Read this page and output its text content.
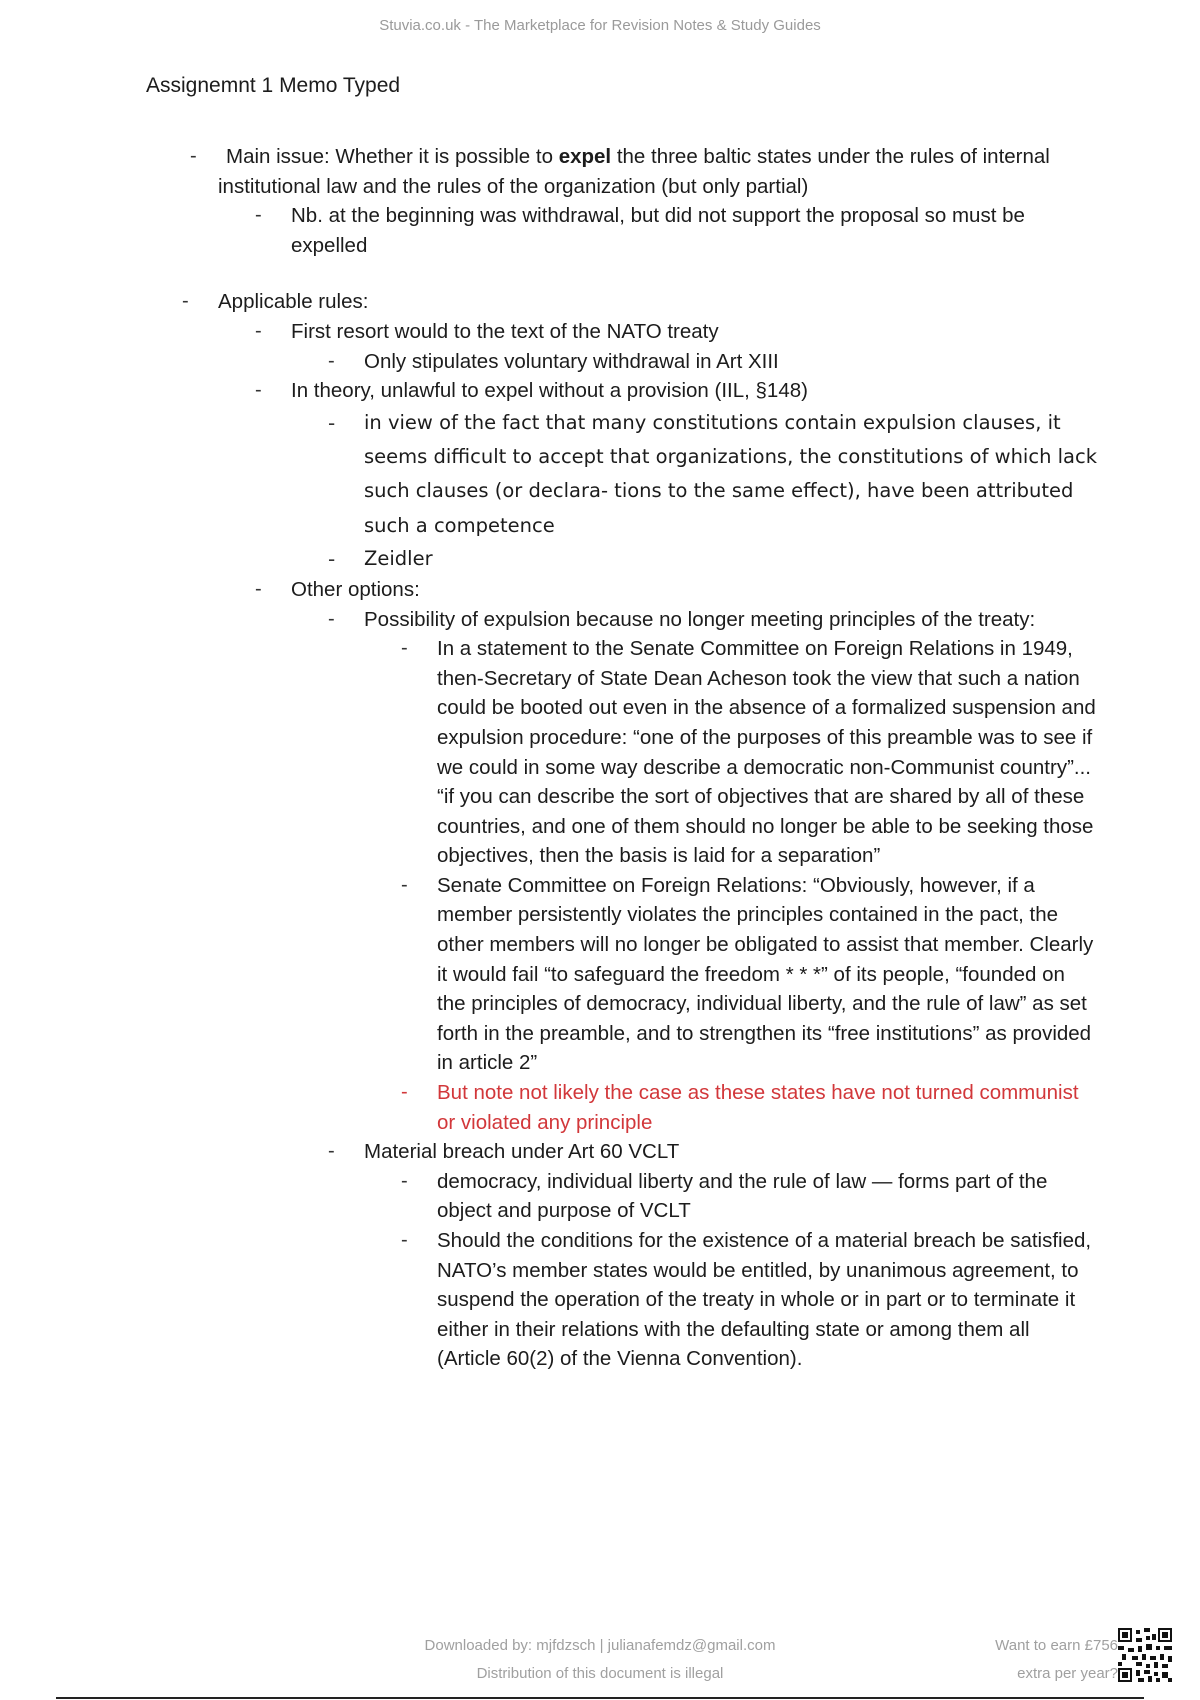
Stuvia.co.uk - The Marketplace for Revision Notes & Study Guides
Assignemnt 1 Memo Typed
- Main issue: Whether it is possible to expel the three baltic states under the rules of internal institutional law and the rules of the organization (but only partial)
- Nb. at the beginning was withdrawal, but did not support the proposal so must be expelled
- Applicable rules:
- First resort would to the text of the NATO treaty
- Only stipulates voluntary withdrawal in Art XIII
- In theory, unlawful to expel without a provision (IIL, §148)
- in view of the fact that many constitutions contain expulsion clauses, it seems difficult to accept that organizations, the constitutions of which lack such clauses (or declara- tions to the same effect), have been attributed such a competence
- Zeidler
- Other options:
- Possibility of expulsion because no longer meeting principles of the treaty:
- In a statement to the Senate Committee on Foreign Relations in 1949, then-Secretary of State Dean Acheson took the view that such a nation could be booted out even in the absence of a formalized suspension and expulsion procedure: “one of the purposes of this preamble was to see if we could in some way describe a democratic non-Communist country”... “if you can describe the sort of objectives that are shared by all of these countries, and one of them should no longer be able to be seeking those objectives, then the basis is laid for a separation”
- Senate Committee on Foreign Relations: “Obviously, however, if a member persistently violates the principles contained in the pact, the other members will no longer be obligated to assist that member. Clearly it would fail “to safeguard the freedom * * *” of its people, “founded on the principles of democracy, individual liberty, and the rule of law” as set forth in the preamble, and to strengthen its “free institutions” as provided in article 2”
- But note not likely the case as these states have not turned communist or violated any principle
- Material breach under Art 60 VCLT
- democracy, individual liberty and the rule of law — forms part of the object and purpose of VCLT
- Should the conditions for the existence of a material breach be satisfied, NATO’s member states would be entitled, by unanimous agreement, to suspend the operation of the treaty in whole or in part or to terminate it either in their relations with the defaulting state or among them all (Article 60(2) of the Vienna Convention).
Downloaded by: mjfdzsch | julianafemdz@gmail.com
Distribution of this document is illegal
Want to earn £756
extra per year?
